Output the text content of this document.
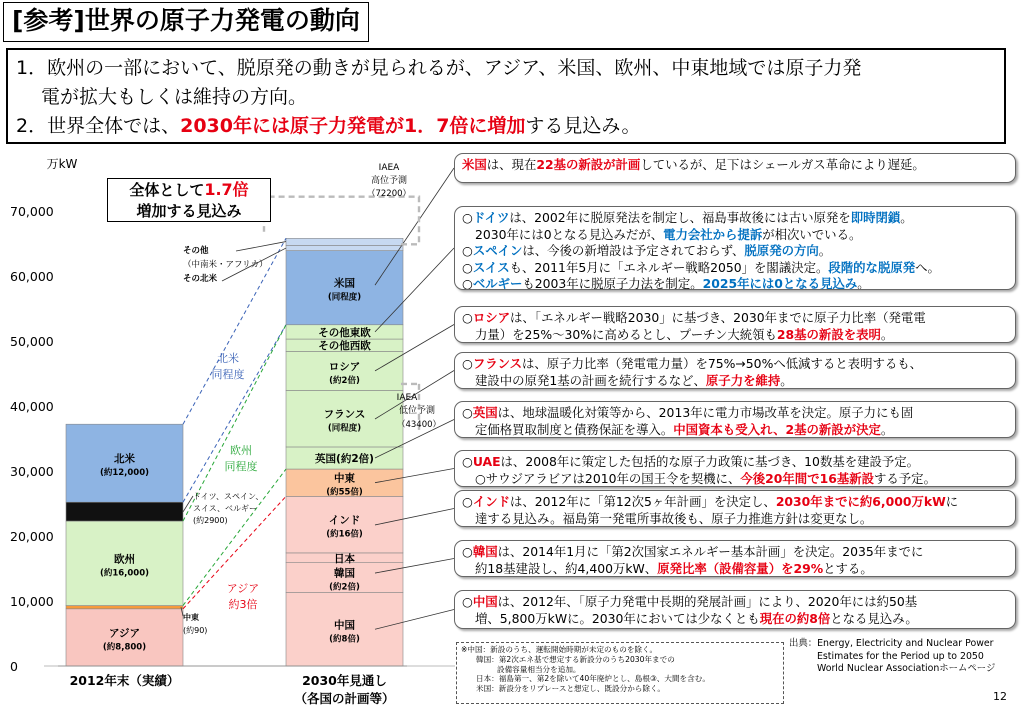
[参考]世界の原子力発電の動向
1．欧州の一部において、脱原発の動きが見られるが、アジア、米国、欧州、中東地域では原子力発
電が拡大もしくは維持の方向。
2．世界全体では、2030年には原子力発電が1．7倍に増加する見込み。
万kW
0
10,000
20,000
30,000
40,000
50,000
60,000
70,000
アジア
(約8,800)
欧州
(約16,000)
北米
(約12,000)
2012年末（実績）
中国
(約8倍)
韓国
(約2倍)
日本
インド
(約16倍)
中東
(約55倍)
英国(約2倍)
フランス
(同程度)
ロシア
(約2倍)
その他西欧
その他東欧
米国
(同程度)
2030年見通し
（各国の計画等）
北米
同程度
欧州
同程度
アジア
約3倍
IAEA
高位予測
（72200）
IAEA
低位予測
（43400）
その他
（中南米・アフリカ）
その北米
ドイツ、スペイン、
スイス、ベルギー
(約2900)
中東
(約90)
全体として1.7倍
増加する見込み
米国は、現在22基の新設が計画しているが、足下はシェールガス革命により遅延。
○ドイツは、2002年に脱原発法を制定し、福島事故後には古い原発を即時閉鎖。
2030年には0となる見込みだが、電力会社から提訴が相次いでいる。
○スペインは、今後の新増設は予定されておらず、脱原発の方向。
○スイスも、2011年5月に「エネルギー戦略2050」を閣議決定。段階的な脱原発へ。
○ベルギーも2003年に脱原子力法を制定。2025年には0となる見込み。
○ロシアは、「エネルギー戦略2030」に基づき、2030年までに原子力比率（発電電
力量）を25%～30%に高めるとし、プーチン大統領も28基の新設を表明。
○フランスは、原子力比率（発電電力量）を75%→50%へ低減すると表明するも、
建設中の原発1基の計画を続行するなど、原子力を維持。
○英国は、地球温暖化対策等から、2013年に電力市場改革を決定。原子力にも固
定価格買取制度と債務保証を導入。中国資本も受入れ、2基の新設が決定。
○UAEは、2008年に策定した包括的な原子力政策に基づき、10数基を建設予定。
○サウジアラビアは2010年の国王令を契機に、今後20年間で16基新設する予定。
○インドは、2012年に「第12次5ヶ年計画」を決定し、2030年までに約6,000万kWに
達する見込み。福島第一発電所事故後も、原子力推進方針は変更なし。
○韓国は、2014年1月に「第2次国家エネルギー基本計画」を決定。2035年までに
約18基建設し、約4,400万kW、原発比率（設備容量）を29%とする。
○中国は、2012年、「原子力発電中長期的発展計画」により、2020年には約50基
増、5,800万kWに。2030年においては少なくとも現在の約8倍となる見込み。
※中国：新設のうち、運転開始時期が未定のものを除く。
韓国：第2次エネ基で想定する新設分のうち2030年までの
設備容量相当分を追加。
日本：福島第一、第2を除いて40年廃炉とし、島根③、大間を含む。
米国：新設分をリプレースと想定し、既設分から除く。
出典：Energy, Electricity and Nuclear Power
Estimates for the Period up to 2050
World Nuclear Associationホームページ
12
